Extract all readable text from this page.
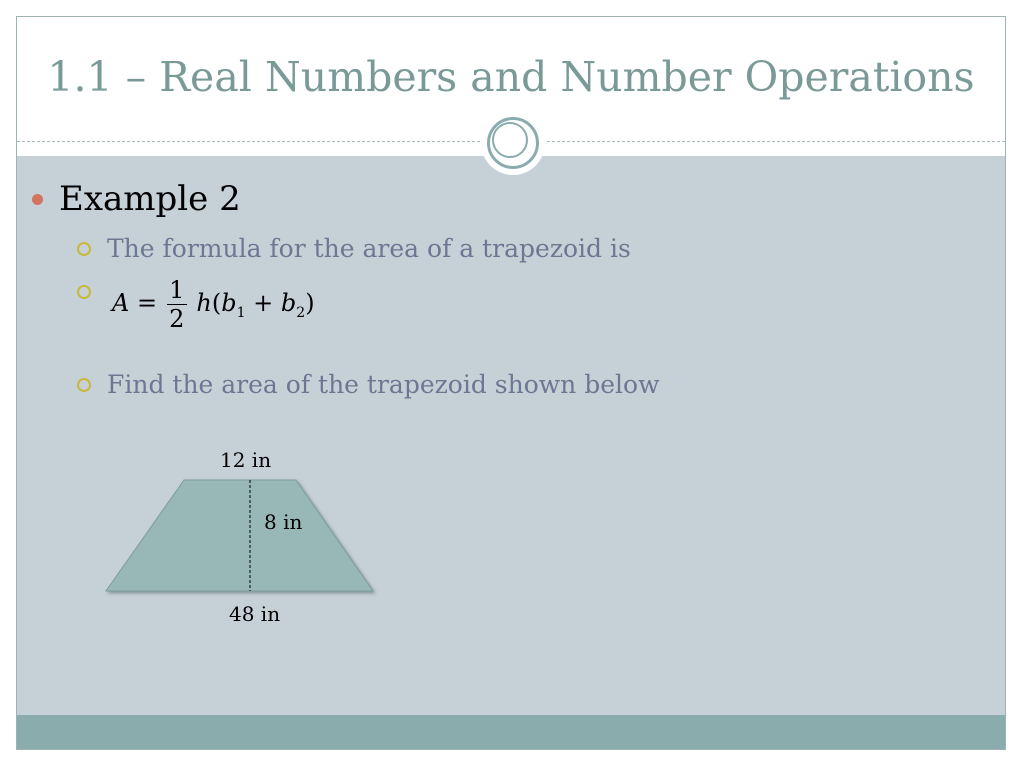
1.1 – Real Numbers and Number Operations
Example 2
The formula for the area of a trapezoid is
$A = \frac{1}{2} h(b_1 + b_2)$
Find the area of the trapezoid shown below
12 in
8 in
48 in
